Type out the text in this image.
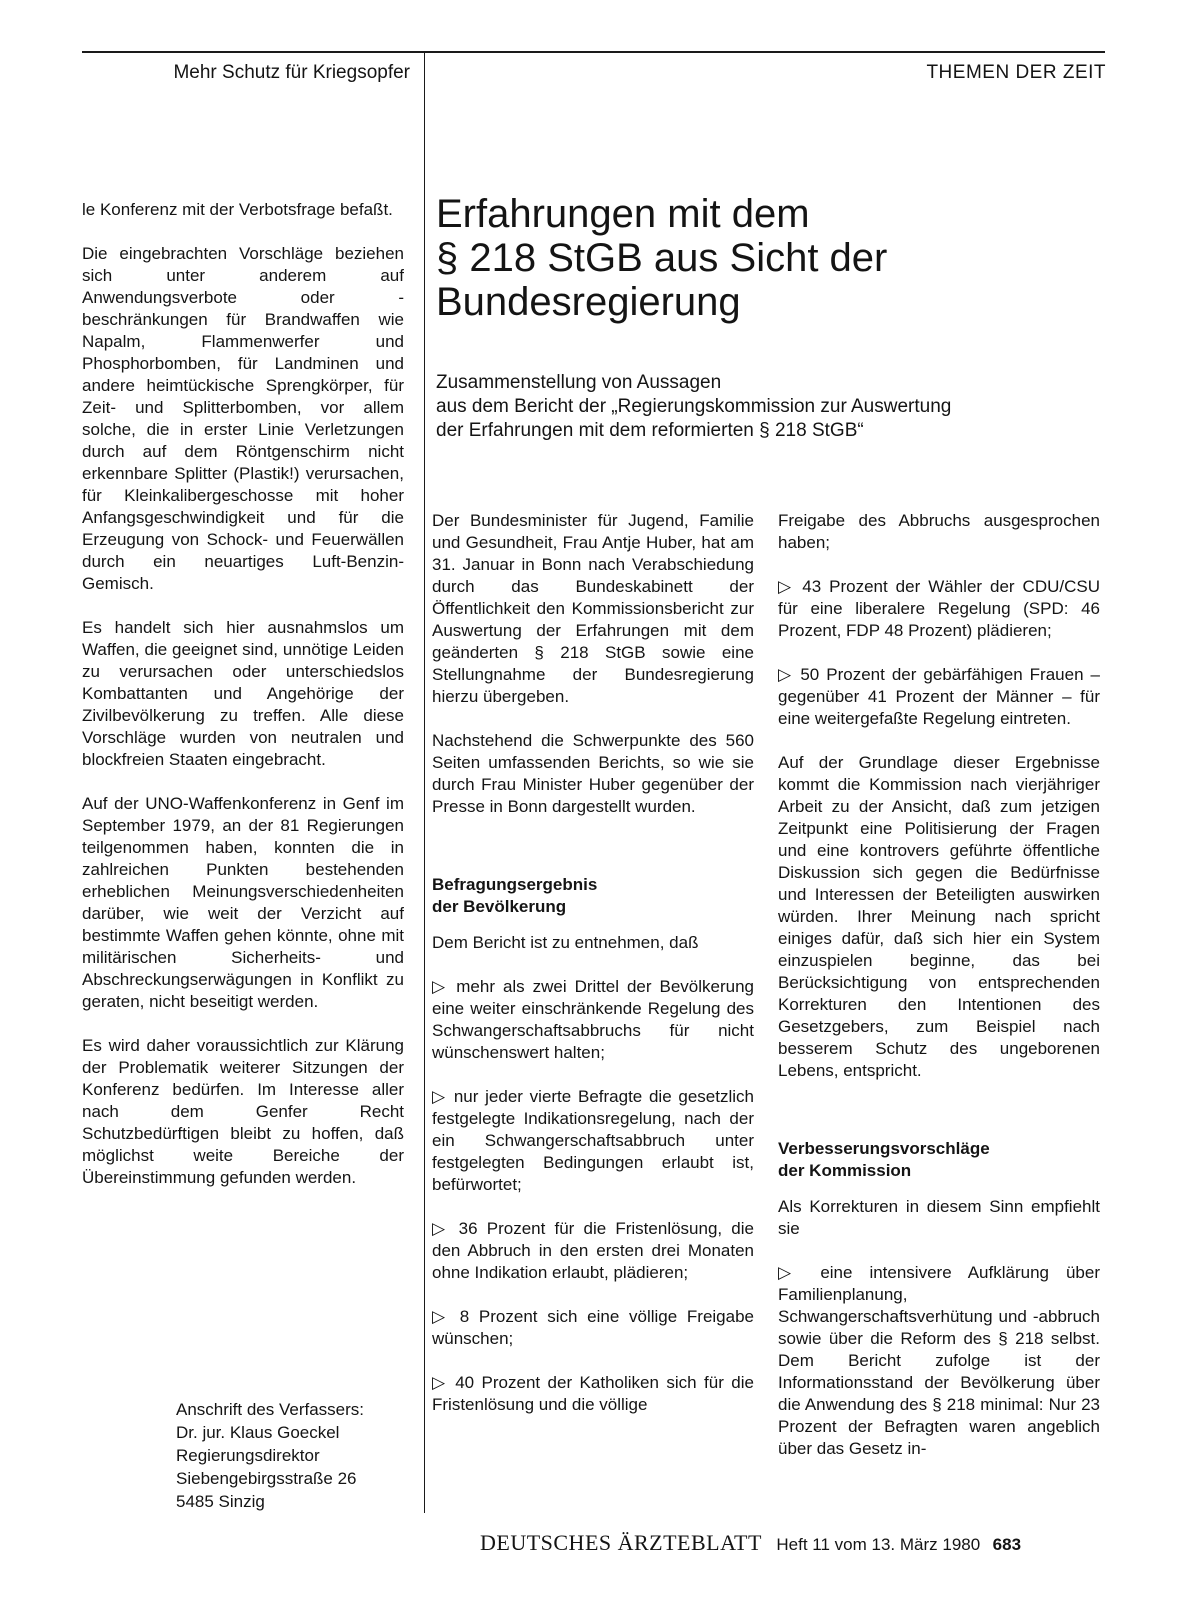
Mehr Schutz für Kriegsopfer	THEMEN DER ZEIT

le Konferenz mit der Verbotsfrage befaßt.

Die eingebrachten Vorschläge beziehen sich unter anderem auf Anwendungsverbote oder -beschränkungen für Brandwaffen wie Napalm, Flammenwerfer und Phosphorbomben, für Landminen und andere heimtückische Sprengkörper, für Zeit- und Splitterbomben, vor allem solche, die in erster Linie Verletzungen durch auf dem Röntgenschirm nicht erkennbare Splitter (Plastik!) verursachen, für Kleinkalibergeschosse mit hoher Anfangsgeschwindigkeit und für die Erzeugung von Schock- und Feuerwällen durch ein neuartiges Luft-Benzin-Gemisch.

Es handelt sich hier ausnahmslos um Waffen, die geeignet sind, unnötige Leiden zu verursachen oder unterschiedslos Kombattanten und Angehörige der Zivilbevölkerung zu treffen. Alle diese Vorschläge wurden von neutralen und blockfreien Staaten eingebracht.

Auf der UNO-Waffenkonferenz in Genf im September 1979, an der 81 Regierungen teilgenommen haben, konnten die in zahlreichen Punkten bestehenden erheblichen Meinungsverschiedenheiten darüber, wie weit der Verzicht auf bestimmte Waffen gehen könnte, ohne mit militärischen Sicherheits- und Abschreckungserwägungen in Konflikt zu geraten, nicht beseitigt werden.

Es wird daher voraussichtlich zur Klärung der Problematik weiterer Sitzungen der Konferenz bedürfen. Im Interesse aller nach dem Genfer Recht Schutzbedürftigen bleibt zu hoffen, daß möglichst weite Bereiche der Übereinstimmung gefunden werden.

Anschrift des Verfassers:
Dr. jur. Klaus Goeckel
Regierungsdirektor
Siebengebirgsstraße 26
5485 Sinzig
Erfahrungen mit dem
§ 218 StGB aus Sicht der
Bundesregierung
Zusammenstellung von Aussagen
aus dem Bericht der „Regierungskommission zur Auswertung
der Erfahrungen mit dem reformierten § 218 StGB“

Der Bundesminister für Jugend, Familie und Gesundheit, Frau Antje Huber, hat am 31. Januar in Bonn nach Verabschiedung durch das Bundeskabinett der Öffentlichkeit den Kommissionsbericht zur Auswertung der Erfahrungen mit dem geänderten § 218 StGB sowie eine Stellungnahme der Bundesregierung hierzu übergeben.

Nachstehend die Schwerpunkte des 560 Seiten umfassenden Berichts, so wie sie durch Frau Minister Huber gegenüber der Presse in Bonn dargestellt wurden.

Befragungsergebnis
der Bevölkerung

Dem Bericht ist zu entnehmen, daß

▷ mehr als zwei Drittel der Bevölkerung eine weiter einschränkende Regelung des Schwangerschaftsabbruchs für nicht wünschenswert halten;

▷ nur jeder vierte Befragte die gesetzlich festgelegte Indikationsregelung, nach der ein Schwangerschaftsabbruch unter festgelegten Bedingungen erlaubt ist, befürwortet;

▷ 36 Prozent für die Fristenlösung, die den Abbruch in den ersten drei Monaten ohne Indikation erlaubt, plädieren;

▷ 8 Prozent sich eine völlige Freigabe wünschen;

▷ 40 Prozent der Katholiken sich für die Fristenlösung und die völlige

Freigabe des Abbruchs ausgesprochen haben;

▷ 43 Prozent der Wähler der CDU/CSU für eine liberalere Regelung (SPD: 46 Prozent, FDP 48 Prozent) plädieren;

▷ 50 Prozent der gebärfähigen Frauen – gegenüber 41 Prozent der Männer – für eine weitergefaßte Regelung eintreten.

Auf der Grundlage dieser Ergebnisse kommt die Kommission nach vierjähriger Arbeit zu der Ansicht, daß zum jetzigen Zeitpunkt eine Politisierung der Fragen und eine kontrovers geführte öffentliche Diskussion sich gegen die Bedürfnisse und Interessen der Beteiligten auswirken würden. Ihrer Meinung nach spricht einiges dafür, daß sich hier ein System einzuspielen beginne, das bei Berücksichtigung von entsprechenden Korrekturen den Intentionen des Gesetzgebers, zum Beispiel nach besserem Schutz des ungeborenen Lebens, entspricht.

Verbesserungsvorschläge
der Kommission

Als Korrekturen in diesem Sinn empfiehlt sie

▷ eine intensivere Aufklärung über Familienplanung, Schwangerschaftsverhütung und -abbruch sowie über die Reform des § 218 selbst. Dem Bericht zufolge ist der Informationsstand der Bevölkerung über die Anwendung des § 218 minimal: Nur 23 Prozent der Befragten waren angeblich über das Gesetz in-

DEUTSCHES ÄRZTEBLATT Heft 11 vom 13. März 1980 683
